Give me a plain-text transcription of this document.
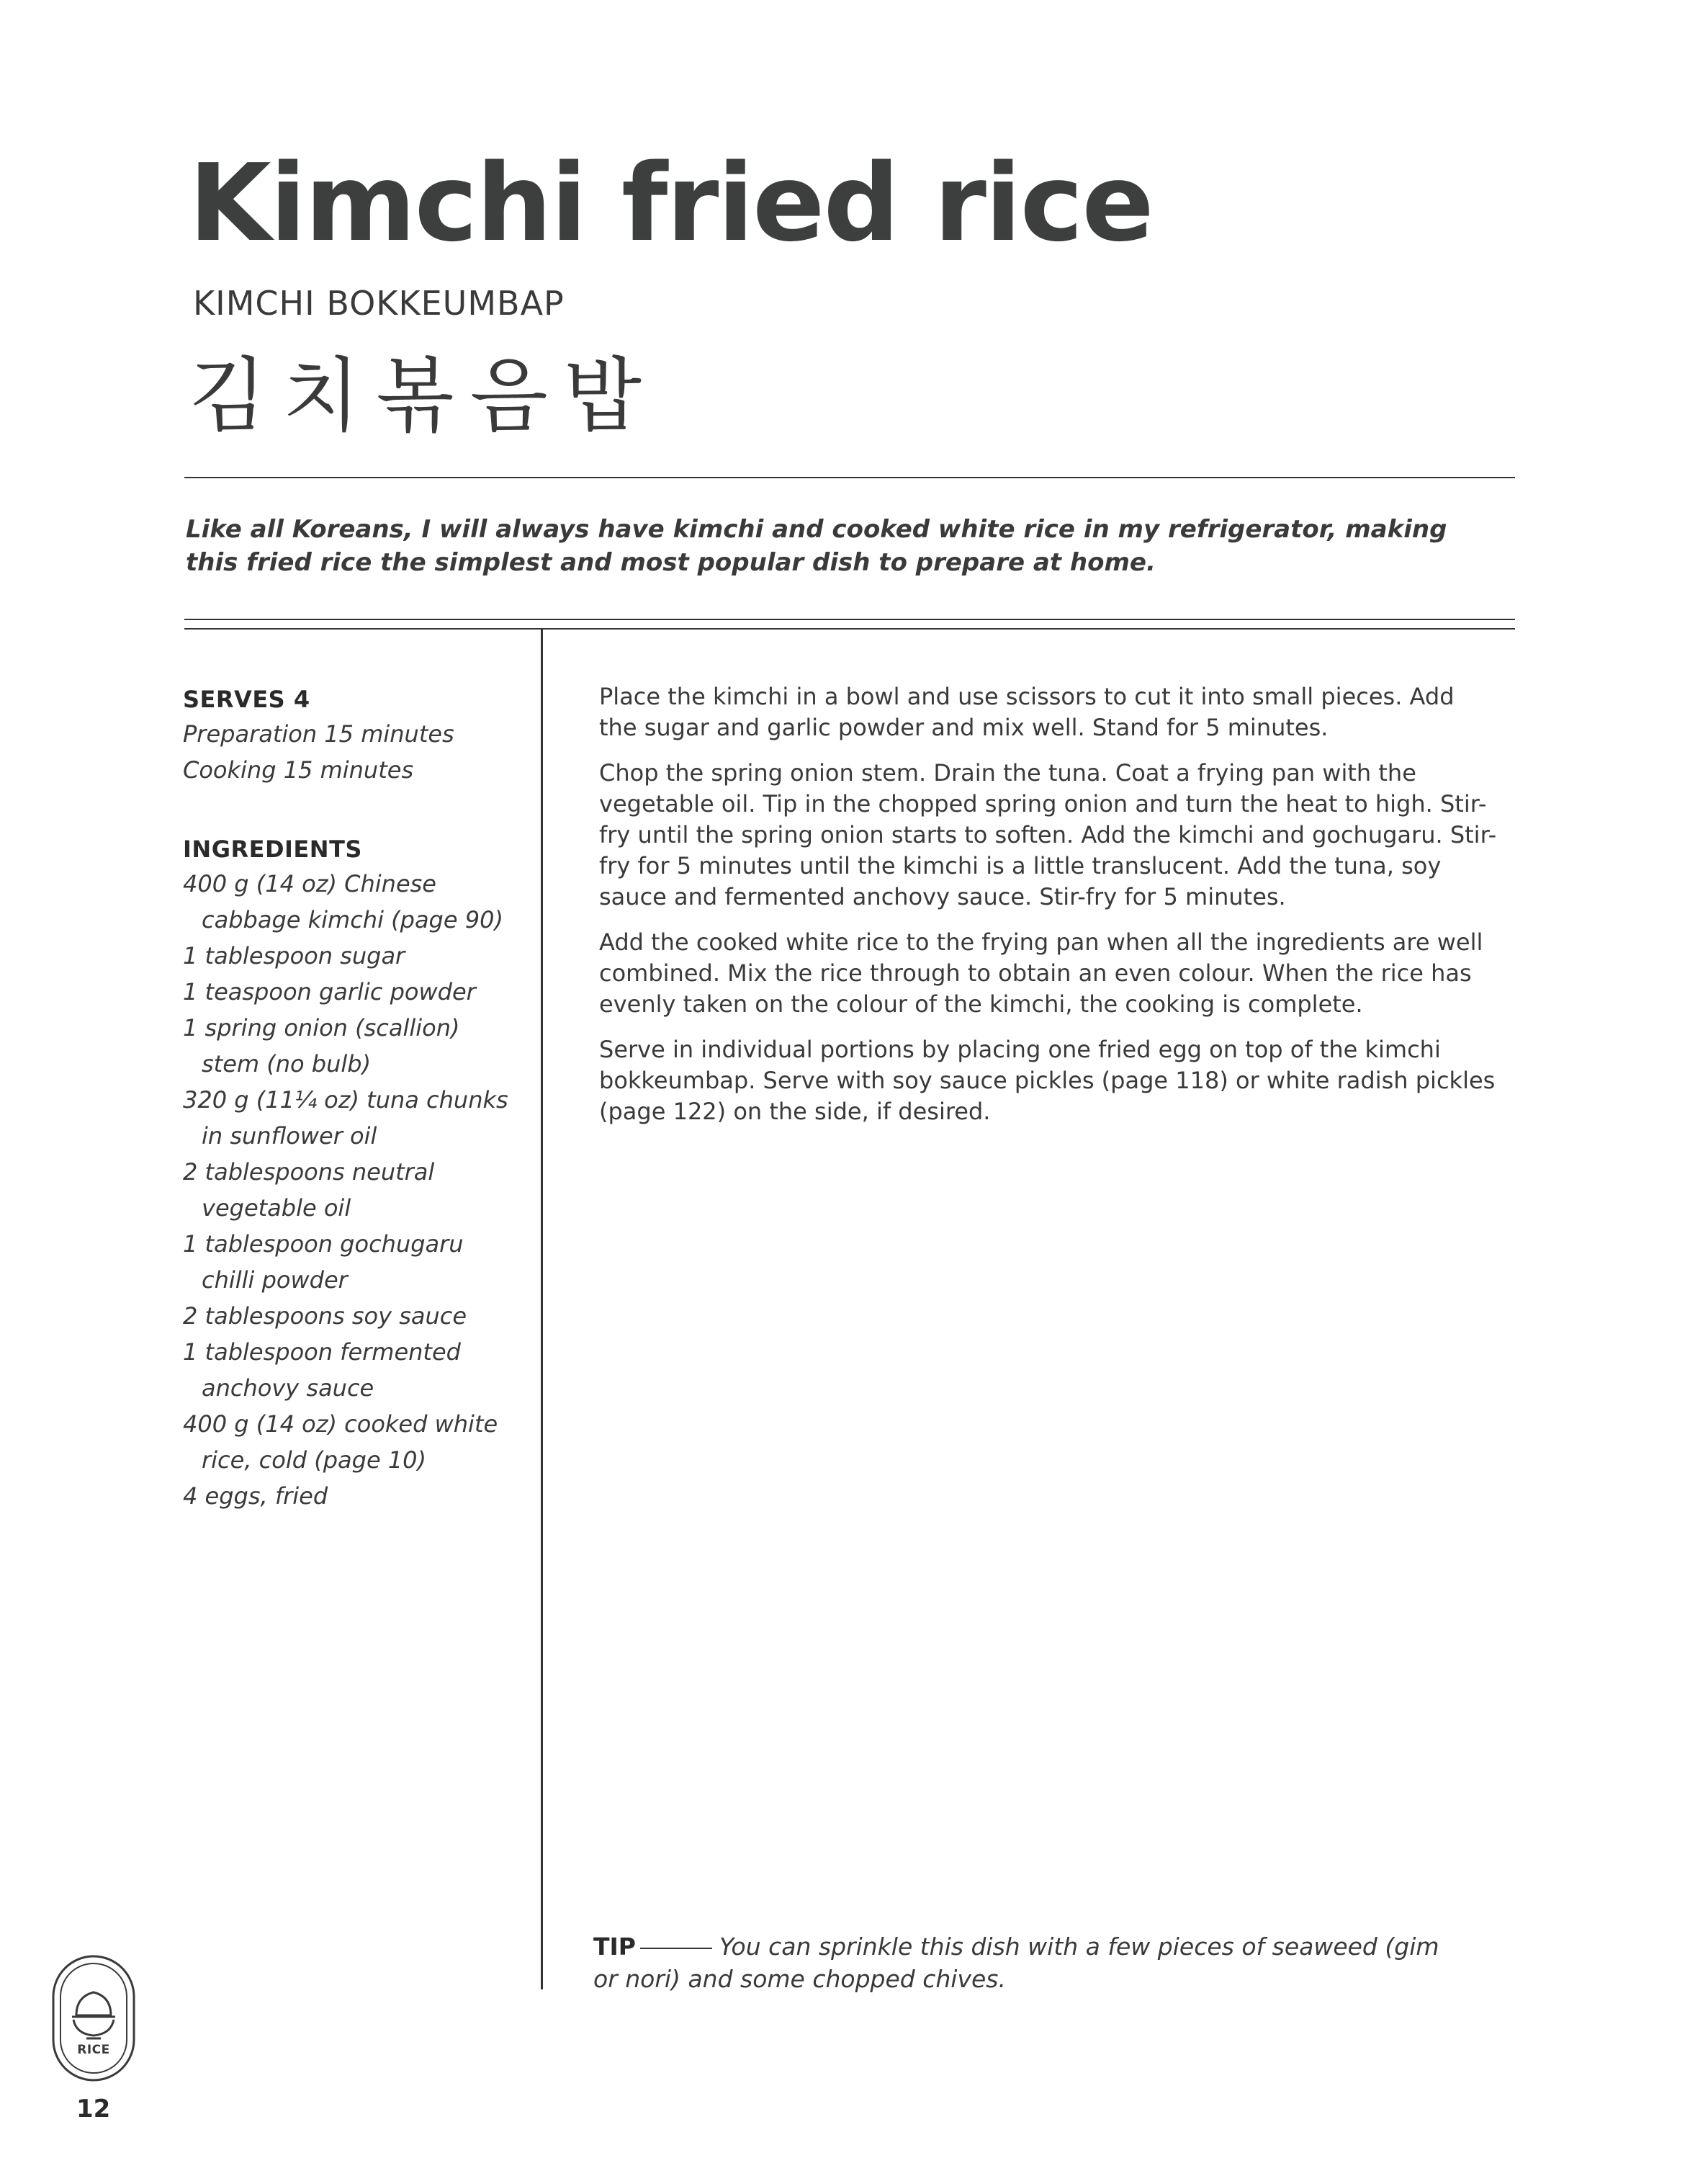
Kimchi fried rice
KIMCHI BOKKEUMBAP
김치볶음밥
Like all Koreans, I will always have kimchi and cooked white rice in my refrigerator, making this fried rice the simplest and most popular dish to prepare at home.
SERVES 4
Preparation 15 minutes
Cooking 15 minutes
INGREDIENTS
400 g (14 oz) Chinese cabbage kimchi (page 90)
1 tablespoon sugar
1 teaspoon garlic powder
1 spring onion (scallion) stem (no bulb)
320 g (11¼ oz) tuna chunks in sunflower oil
2 tablespoons neutral vegetable oil
1 tablespoon gochugaru chilli powder
2 tablespoons soy sauce
1 tablespoon fermented anchovy sauce
400 g (14 oz) cooked white rice, cold (page 10)
4 eggs, fried

Place the kimchi in a bowl and use scissors to cut it into small pieces. Add the sugar and garlic powder and mix well. Stand for 5 minutes.

Chop the spring onion stem. Drain the tuna. Coat a frying pan with the vegetable oil. Tip in the chopped spring onion and turn the heat to high. Stir-fry until the spring onion starts to soften. Add the kimchi and gochugaru. Stir-fry for 5 minutes until the kimchi is a little translucent. Add the tuna, soy sauce and fermented anchovy sauce. Stir-fry for 5 minutes.

Add the cooked white rice to the frying pan when all the ingredients are well combined. Mix the rice through to obtain an even colour. When the rice has evenly taken on the colour of the kimchi, the cooking is complete.

Serve in individual portions by placing one fried egg on top of the kimchi bokkeumbap. Serve with soy sauce pickles (page 118) or white radish pickles (page 122) on the side, if desired.

TIP	You can sprinkle this dish with a few pieces of seaweed (gim or nori) and some chopped chives.
RICE
12
